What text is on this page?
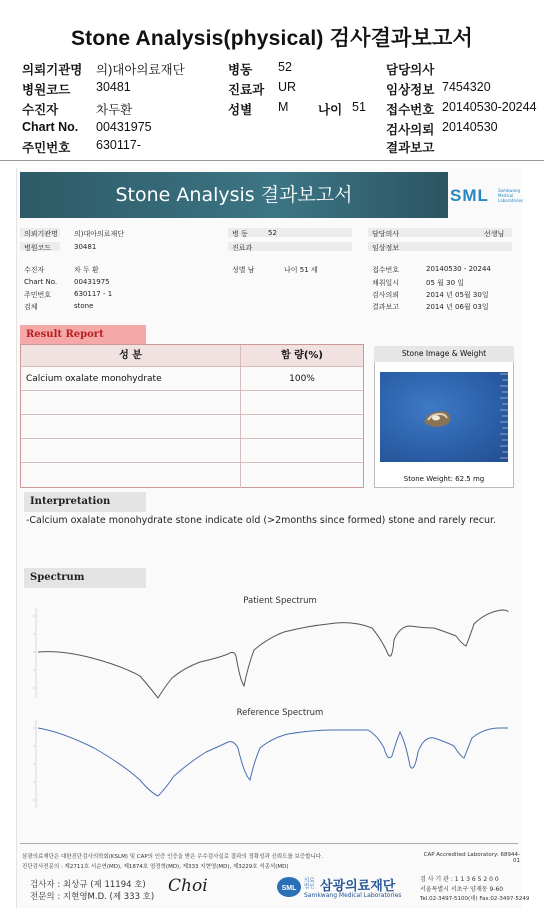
Stone Analysis(physical) 검사결과보고서
의뢰기관명 의)대아의료재단
병원코드 30481
수진자	차두환
Chart No. 00431975
주민번호 630117-
병동 52
진료과 UR
성별 M 나이 51
담당의사
임상정보 7454320
접수번호 20140530-20244
검사의뢰 20140530
결과보고
Stone Analysis 결과보고서	SML Samkwang Medical Laboratories
의뢰기관명 의)대아의료재단
병원코드	30481
병 동	52
진료과
담당의사	선생님
임상정보
수진자	차 두 환
Chart No. 00431975
주민번호	630117 - 1
검체	stone
성별 남	나이 51 세	접수번호	20140530 - 20244
채취일시	05 월 30 일
검사의뢰	2014 년 05월 30일
결과보고	2014 년 06월 03일
Result Report
성 분	함 량(%)
Calcium oxalate monohydrate	100%
Stone Image & Weight
Stone Weight: 62.5 mg
Interpretation
-Calcium oxalate monohydrate stone indicate old (>2months since formed) stone and rarely recur.
Spectrum
Patient Spectrum
Reference Spectrum
삼광의료재단은 대한진단검사의학회(KSLM) 및 CAP의 인증 인증을 받은 우수검사실로 결과의 정확성과 신뢰도를 보증합니다.
진단검사전문의 : 제2711호 서순연(MD), 제1874호 엄정혁(MD), 제333 지현영(MD), 제3229호 석종석(MD)
CAP Accredited Laboratory: 68944-01
검사자 : 최상규 (제 11194 호)
전문의 : 지현영M.D. (제 333 호)
Choi	SML
의료법인 삼광의료재단
Samkwang Medical Laboratories
검 사 기 관 : 1 1 3 6 5 2 0 0
서울특별시 서초구 양재동 9-60
Tel.02-3497-5100(대) Fax.02-3497-5249
